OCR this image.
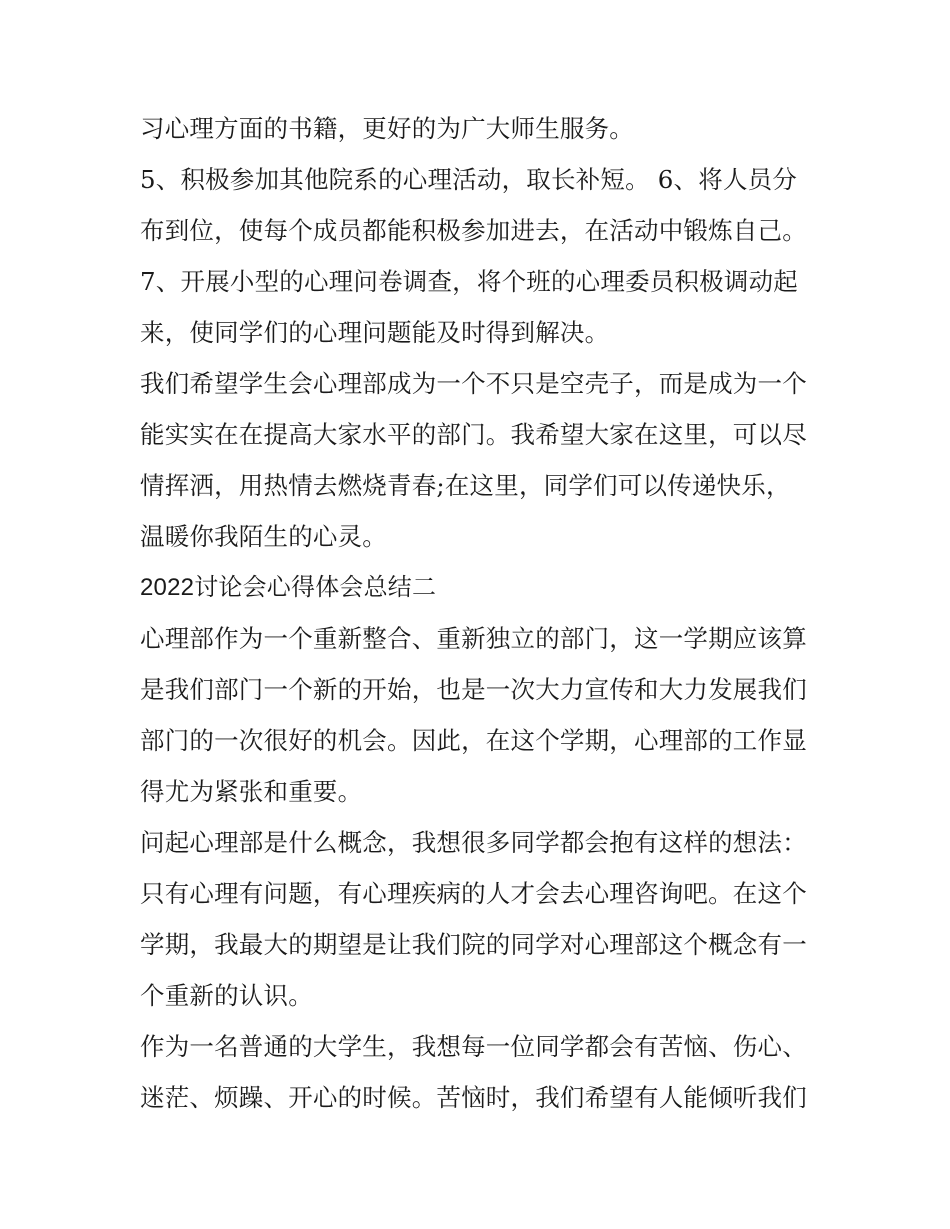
习心理方面的书籍，更好的为广大师生服务。
5、积极参加其他院系的心理活动，取长补短。 6、将人员分
布到位，使每个成员都能积极参加进去，在活动中锻炼自己。
7、开展小型的心理问卷调查，将个班的心理委员积极调动起
来，使同学们的心理问题能及时得到解决。
我们希望学生会心理部成为一个不只是空壳子，而是成为一个
能实实在在提高大家水平的部门。我希望大家在这里，可以尽
情挥洒，用热情去燃烧青春;在这里，同学们可以传递快乐，
温暖你我陌生的心灵。
2022讨论会心得体会总结二
心理部作为一个重新整合、重新独立的部门，这一学期应该算
是我们部门一个新的开始，也是一次大力宣传和大力发展我们
部门的一次很好的机会。因此，在这个学期，心理部的工作显
得尤为紧张和重要。
问起心理部是什么概念，我想很多同学都会抱有这样的想法：
只有心理有问题，有心理疾病的人才会去心理咨询吧。在这个
学期，我最大的期望是让我们院的同学对心理部这个概念有一
个重新的认识。
作为一名普通的大学生，我想每一位同学都会有苦恼、伤心、
迷茫、烦躁、开心的时候。苦恼时，我们希望有人能倾听我们
